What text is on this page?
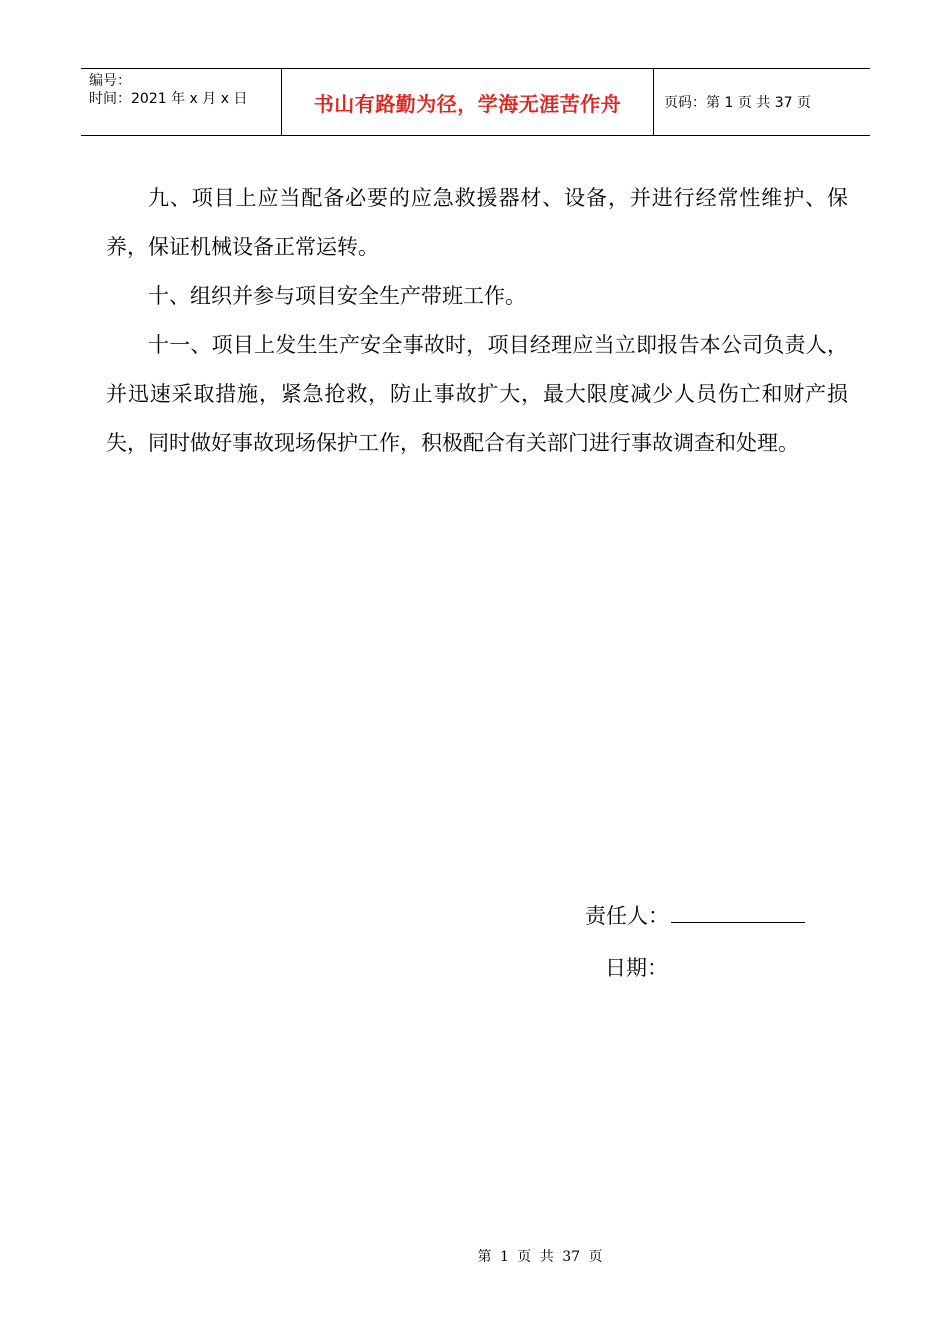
编号：
时间：2021 年 x 月 x 日	书山有路勤为径，学海无涯苦作舟	页码：第 1 页 共 37 页

九、项目上应当配备必要的应急救援器材、设备，并进行经常性维护、保养，保证机械设备正常运转。

十、组织并参与项目安全生产带班工作。

十一、项目上发生生产安全事故时，项目经理应当立即报告本公司负责人，并迅速采取措施，紧急抢救，防止事故扩大，最大限度减少人员伤亡和财产损失，同时做好事故现场保护工作，积极配合有关部门进行事故调查和处理。

责任人：
日期：
第 1 页 共 37 页
